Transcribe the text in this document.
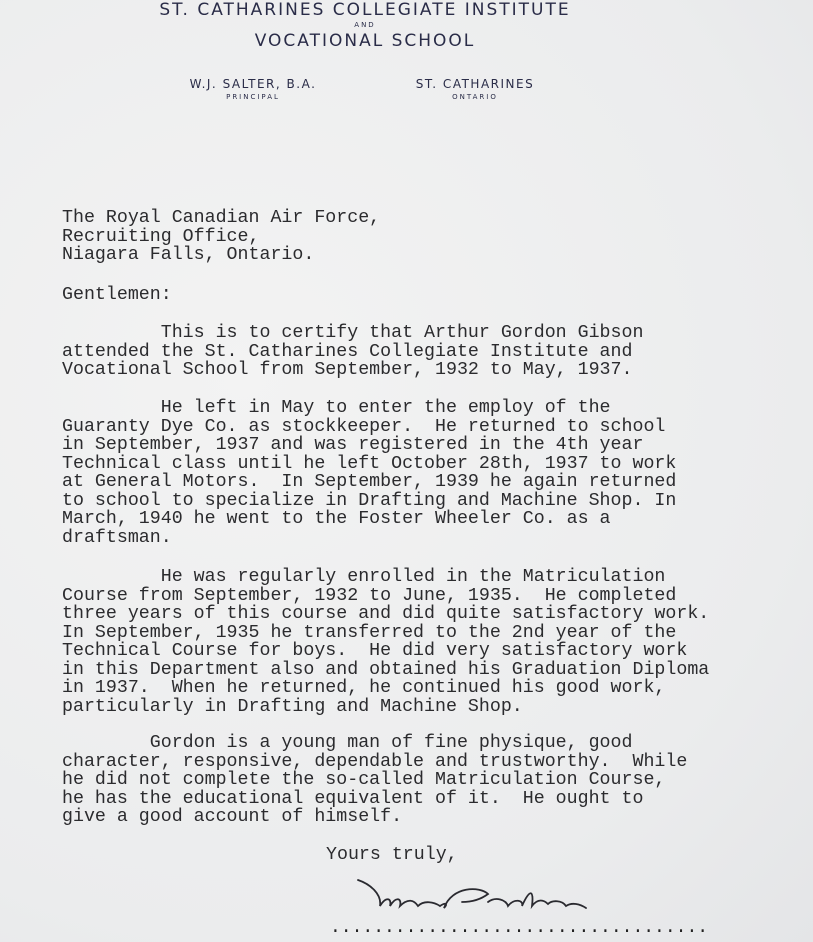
ST. CATHARINES COLLEGIATE INSTITUTE
AND
VOCATIONAL SCHOOL
W.J. SALTER, B.A.
PRINCIPAL
ST. CATHARINES
ONTARIO
The Royal Canadian Air Force,
Recruiting Office,
Niagara Falls, Ontario.
Gentlemen:
This is to certify that Arthur Gordon Gibson
attended the St. Catharines Collegiate Institute and
Vocational School from September, 1932 to May, 1937.
He left in May to enter the employ of the
Guaranty Dye Co. as stockkeeper.  He returned to school
in September, 1937 and was registered in the 4th year
Technical class until he left October 28th, 1937 to work
at General Motors.  In September, 1939 he again returned
to school to specialize in Drafting and Machine Shop. In
March, 1940 he went to the Foster Wheeler Co. as a
draftsman.
He was regularly enrolled in the Matriculation
Course from September, 1932 to June, 1935.  He completed
three years of this course and did quite satisfactory work.
In September, 1935 he transferred to the 2nd year of the
Technical Course for boys.  He did very satisfactory work
in this Department also and obtained his Graduation Diploma
in 1937.  When he returned, he continued his good work,
particularly in Drafting and Machine Shop.
Gordon is a young man of fine physique, good
character, responsive, dependable and trustworthy.  While
he did not complete the so-called Matriculation Course,
he has the educational equivalent of it.  He ought to
give a good account of himself.
Yours truly,
...................................
